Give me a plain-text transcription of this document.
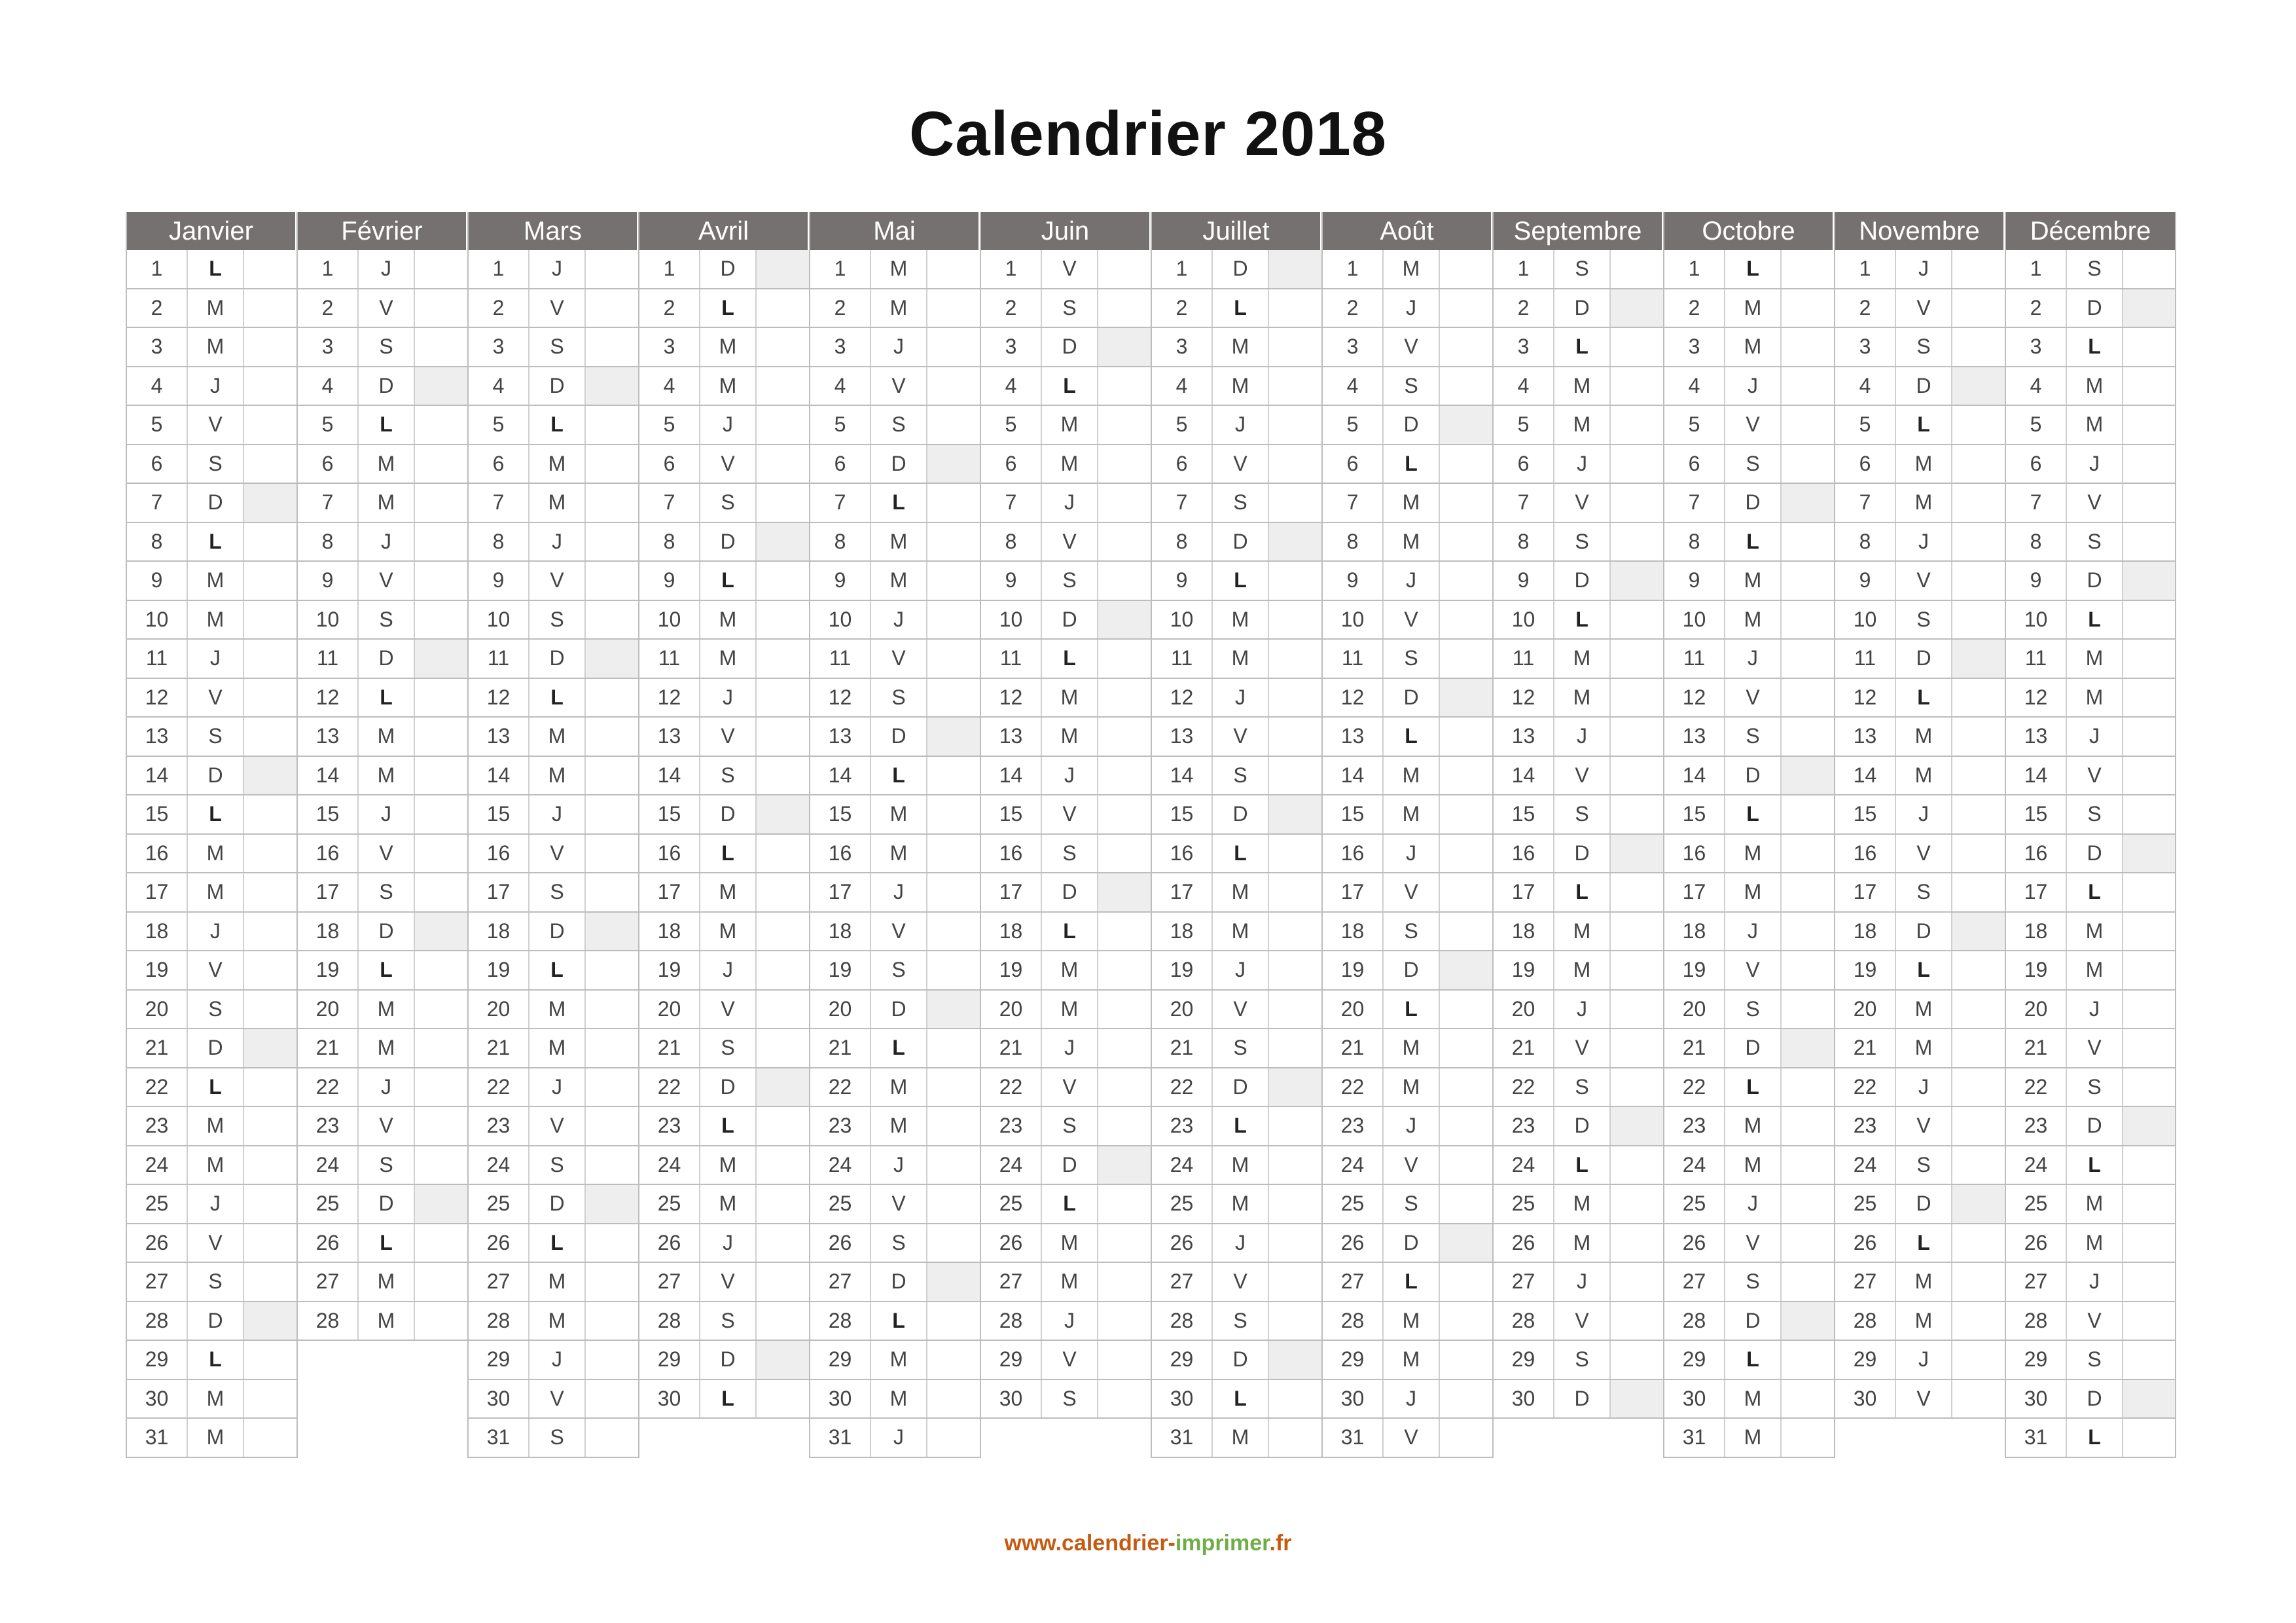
Calendrier 2018
Janvier
1	L
2	M
3	M
4	J
5	V
6	S
7	D
8	L
9	M
10	M
11	J
12	V
13	S
14	D
15	L
16	M
17	M
18	J
19	V
20	S
21	D
22	L
23	M
24	M
25	J
26	V
27	S
28	D
29	L
30	M
31	M
Février
1	J
2	V
3	S
4	D
5	L
6	M
7	M
8	J
9	V
10	S
11	D
12	L
13	M
14	M
15	J
16	V
17	S
18	D
19	L
20	M
21	M
22	J
23	V
24	S
25	D
26	L
27	M
28	M
Mars
1	J
2	V
3	S
4	D
5	L
6	M
7	M
8	J
9	V
10	S
11	D
12	L
13	M
14	M
15	J
16	V
17	S
18	D
19	L
20	M
21	M
22	J
23	V
24	S
25	D
26	L
27	M
28	M
29	J
30	V
31	S
Avril
1	D
2	L
3	M
4	M
5	J
6	V
7	S
8	D
9	L
10	M
11	M
12	J
13	V
14	S
15	D
16	L
17	M
18	M
19	J
20	V
21	S
22	D
23	L
24	M
25	M
26	J
27	V
28	S
29	D
30	L
Mai
1	M
2	M
3	J
4	V
5	S
6	D
7	L
8	M
9	M
10	J
11	V
12	S
13	D
14	L
15	M
16	M
17	J
18	V
19	S
20	D
21	L
22	M
23	M
24	J
25	V
26	S
27	D
28	L
29	M
30	M
31	J
Juin
1	V
2	S
3	D
4	L
5	M
6	M
7	J
8	V
9	S
10	D
11	L
12	M
13	M
14	J
15	V
16	S
17	D
18	L
19	M
20	M
21	J
22	V
23	S
24	D
25	L
26	M
27	M
28	J
29	V
30	S
Juillet
1	D
2	L
3	M
4	M
5	J
6	V
7	S
8	D
9	L
10	M
11	M
12	J
13	V
14	S
15	D
16	L
17	M
18	M
19	J
20	V
21	S
22	D
23	L
24	M
25	M
26	J
27	V
28	S
29	D
30	L
31	M
Août
1	M
2	J
3	V
4	S
5	D
6	L
7	M
8	M
9	J
10	V
11	S
12	D
13	L
14	M
15	M
16	J
17	V
18	S
19	D
20	L
21	M
22	M
23	J
24	V
25	S
26	D
27	L
28	M
29	M
30	J
31	V
Septembre
1	S
2	D
3	L
4	M
5	M
6	J
7	V
8	S
9	D
10	L
11	M
12	M
13	J
14	V
15	S
16	D
17	L
18	M
19	M
20	J
21	V
22	S
23	D
24	L
25	M
26	M
27	J
28	V
29	S
30	D
Octobre
1	L
2	M
3	M
4	J
5	V
6	S
7	D
8	L
9	M
10	M
11	J
12	V
13	S
14	D
15	L
16	M
17	M
18	J
19	V
20	S
21	D
22	L
23	M
24	M
25	J
26	V
27	S
28	D
29	L
30	M
31	M
Novembre
1	J
2	V
3	S
4	D
5	L
6	M
7	M
8	J
9	V
10	S
11	D
12	L
13	M
14	M
15	J
16	V
17	S
18	D
19	L
20	M
21	M
22	J
23	V
24	S
25	D
26	L
27	M
28	M
29	J
30	V
Décembre
1	S
2	D
3	L
4	M
5	M
6	J
7	V
8	S
9	D
10	L
11	M
12	M
13	J
14	V
15	S
16	D
17	L
18	M
19	M
20	J
21	V
22	S
23	D
24	L
25	M
26	M
27	J
28	V
29	S
30	D
31	L
www.calendrier-imprimer.fr
